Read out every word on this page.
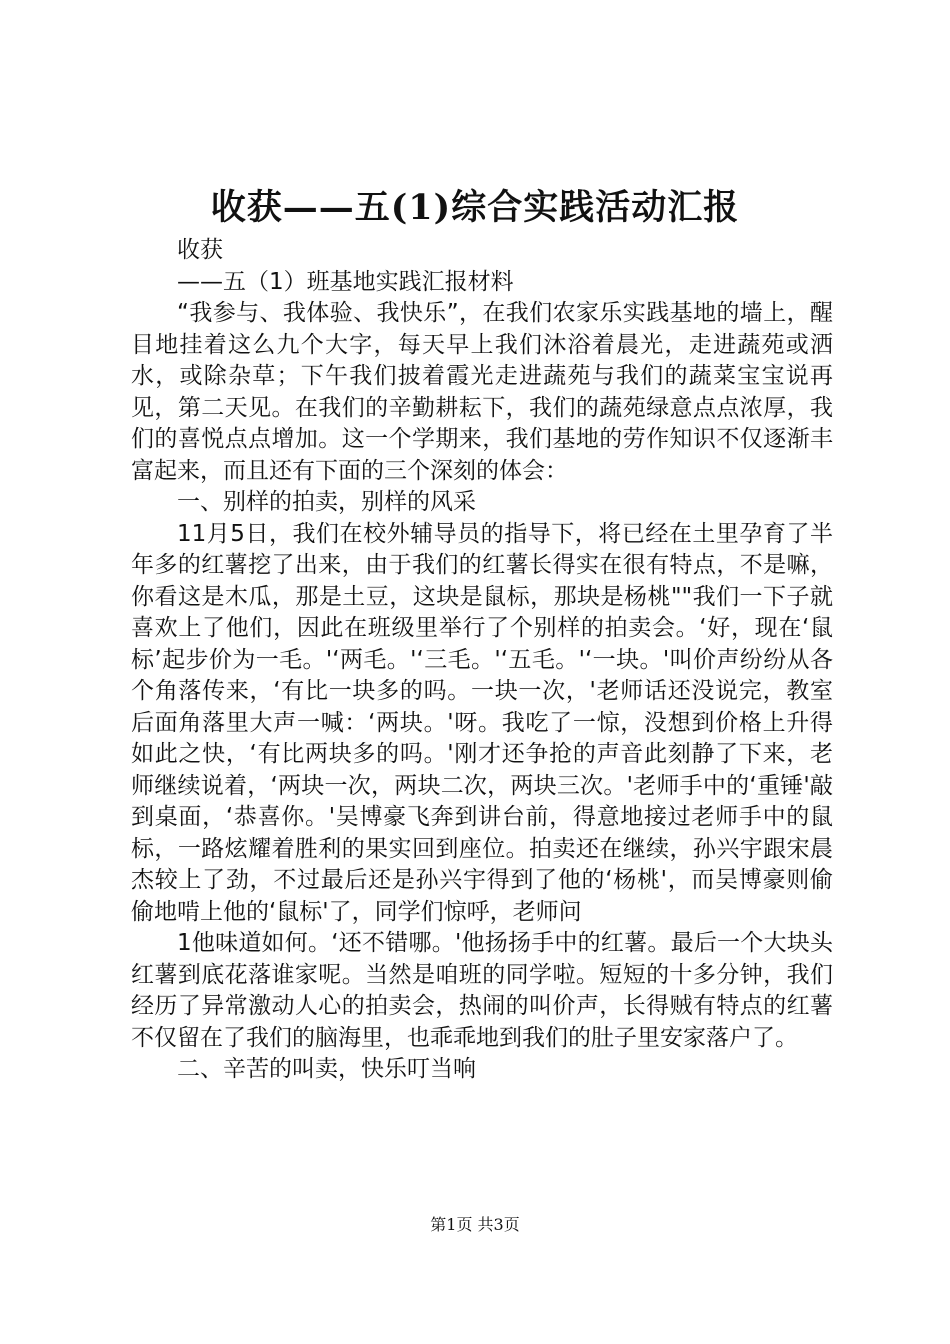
收获——五(1)综合实践活动汇报

收获

——五（1）班基地实践汇报材料

“我参与、我体验、我快乐”，在我们农家乐实践基地的墙上，醒目地挂着这么九个大字，每天早上我们沐浴着晨光，走进蔬苑或洒水，或除杂草；下午我们披着霞光走进蔬苑与我们的蔬菜宝宝说再见，第二天见。在我们的辛勤耕耘下，我们的蔬苑绿意点点浓厚，我们的喜悦点点增加。这一个学期来，我们基地的劳作知识不仅逐渐丰富起来，而且还有下面的三个深刻的体会：

一、别样的拍卖，别样的风采

11月5日，我们在校外辅导员的指导下，将已经在土里孕育了半年多的红薯挖了出来，由于我们的红薯长得实在很有特点，不是嘛，你看这是木瓜，那是土豆，这块是鼠标，那块是杨桃""我们一下子就喜欢上了他们，因此在班级里举行了个别样的拍卖会。‘好，现在‘鼠标’起步价为一毛。'‘两毛。'‘三毛。'‘五毛。'‘一块。'叫价声纷纷从各个角落传来，‘有比一块多的吗。一块一次，'老师话还没说完，教室后面角落里大声一喊：‘两块。'呀。我吃了一惊，没想到价格上升得如此之快，‘有比两块多的吗。'刚才还争抢的声音此刻静了下来，老师继续说着，‘两块一次，两块二次，两块三次。'老师手中的‘重锤'敲到桌面，‘恭喜你。'吴博豪飞奔到讲台前，得意地接过老师手中的鼠标，一路炫耀着胜利的果实回到座位。拍卖还在继续，孙兴宇跟宋晨杰较上了劲，不过最后还是孙兴宇得到了他的‘杨桃'，而吴博豪则偷偷地啃上他的‘鼠标'了，同学们惊呼，老师问

1他味道如何。‘还不错哪。'他扬扬手中的红薯。最后一个大块头红薯到底花落谁家呢。当然是咱班的同学啦。短短的十多分钟，我们经历了异常激动人心的拍卖会，热闹的叫价声，长得贼有特点的红薯不仅留在了我们的脑海里，也乖乖地到我们的肚子里安家落户了。

二、辛苦的叫卖，快乐叮当响

第1页 共3页
